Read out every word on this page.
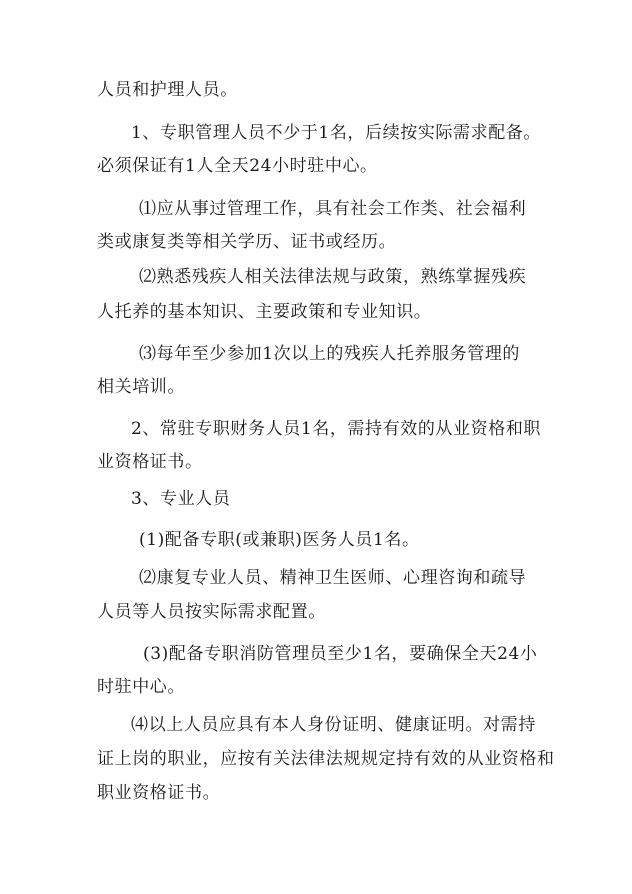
人员和护理人员。
1、专职管理人员不少于1名，后续按实际需求配备。
必须保证有1人全天24小时驻中心。
⑴应从事过管理工作，具有社会工作类、社会福利
类或康复类等相关学历、证书或经历。
⑵熟悉残疾人相关法律法规与政策，熟练掌握残疾
人托养的基本知识、主要政策和专业知识。
⑶每年至少参加1次以上的残疾人托养服务管理的
相关培训。
2、常驻专职财务人员1名，需持有效的从业资格和职
业资格证书。
3、专业人员
(1)配备专职(或兼职)医务人员1名。
⑵康复专业人员、精神卫生医师、心理咨询和疏导
人员等人员按实际需求配置。
(3)配备专职消防管理员至少1名，要确保全天24小
时驻中心。
⑷以上人员应具有本人身份证明、健康证明。对需持
证上岗的职业，应按有关法律法规规定持有效的从业资格和
职业资格证书。
